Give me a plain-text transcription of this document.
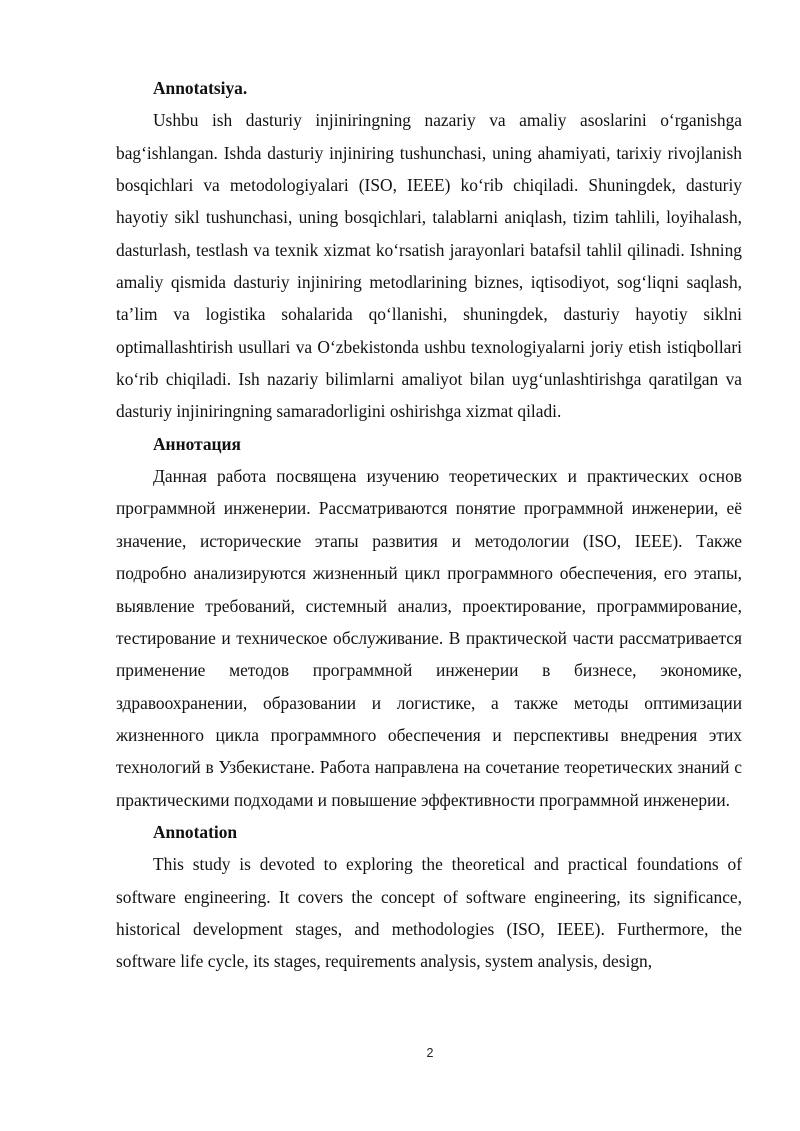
Annotatsiya.

Ushbu ish dasturiy injiniringning nazariy va amaliy asoslarini o‘rganishga bag‘ishlangan. Ishda dasturiy injiniring tushunchasi, uning ahamiyati, tarixiy rivojlanish bosqichlari va metodologiyalari (ISO, IEEE) ko‘rib chiqiladi. Shuningdek, dasturiy hayotiy sikl tushunchasi, uning bosqichlari, talablarni aniqlash, tizim tahlili, loyihalash, dasturlash, testlash va texnik xizmat ko‘rsatish jarayonlari batafsil tahlil qilinadi. Ishning amaliy qismida dasturiy injiniring metodlarining biznes, iqtisodiyot, sog‘liqni saqlash, ta’lim va logistika sohalarida qo‘llanishi, shuningdek, dasturiy hayotiy siklni optimallashtirish usullari va O‘zbekistonda ushbu texnologiyalarni joriy etish istiqbollari ko‘rib chiqiladi. Ish nazariy bilimlarni amaliyot bilan uyg‘unlashtirishga qaratilgan va dasturiy injiniringning samaradorligini oshirishga xizmat qiladi.

Аннотация

Данная работа посвящена изучению теоретических и практических основ программной инженерии. Рассматриваются понятие программной инженерии, её значение, исторические этапы развития и методологии (ISO, IEEE). Также подробно анализируются жизненный цикл программного обеспечения, его этапы, выявление требований, системный анализ, проектирование, программирование, тестирование и техническое обслуживание. В практической части рассматривается применение методов программной инженерии в бизнесе, экономике, здравоохранении, образовании и логистике, а также методы оптимизации жизненного цикла программного обеспечения и перспективы внедрения этих технологий в Узбекистане. Работа направлена на сочетание теоретических знаний с практическими подходами и повышение эффективности программной инженерии.

Annotation

This study is devoted to exploring the theoretical and practical foundations of software engineering. It covers the concept of software engineering, its significance, historical development stages, and methodologies (ISO, IEEE). Furthermore, the software life cycle, its stages, requirements analysis, system analysis, design,

2
